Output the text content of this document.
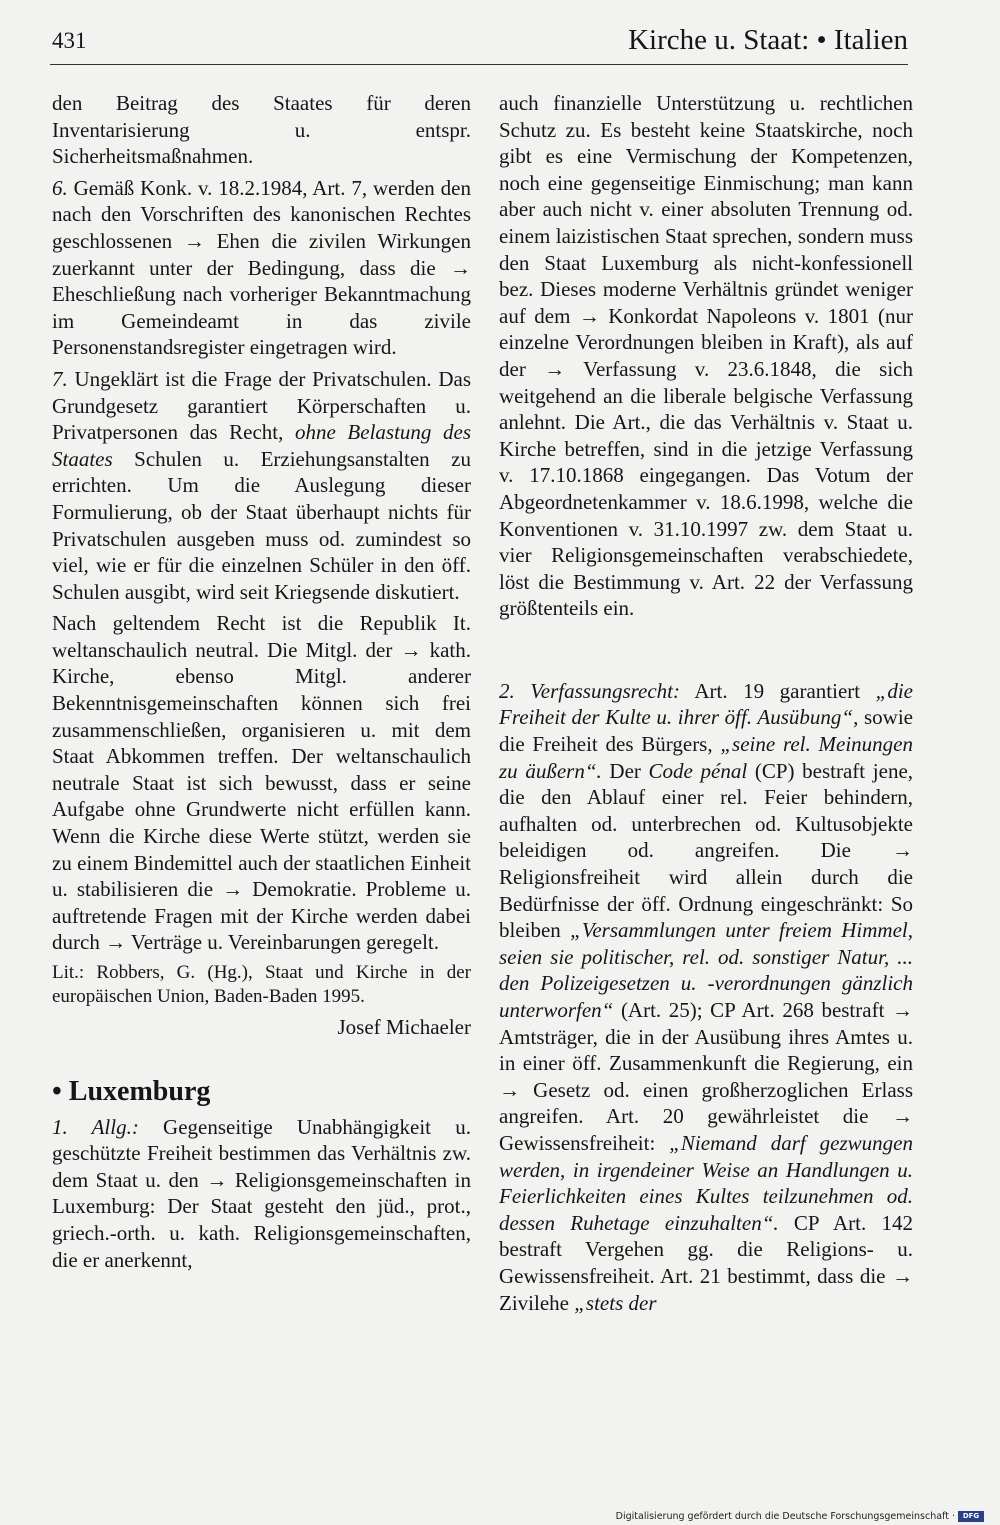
431	Kirche u. Staat: • Italien

den Beitrag des Staates für deren Inventarisierung u. entspr. Sicherheitsmaßnahmen.

6. Gemäß Konk. v. 18.2.1984, Art. 7, werden den nach den Vorschriften des kanonischen Rechtes geschlossenen → Ehen die zivilen Wirkungen zuerkannt unter der Bedingung, dass die → Eheschließung nach vorheriger Bekanntmachung im Gemeindeamt in das zivile Personenstandsregister eingetragen wird.

7. Ungeklärt ist die Frage der Privatschulen. Das Grundgesetz garantiert Körperschaften u. Privatpersonen das Recht, ohne Belastung des Staates Schulen u. Erziehungsanstalten zu errichten. Um die Auslegung dieser Formulierung, ob der Staat überhaupt nichts für Privatschulen ausgeben muss od. zumindest so viel, wie er für die einzelnen Schüler in den öff. Schulen ausgibt, wird seit Kriegsende diskutiert.

Nach geltendem Recht ist die Republik It. weltanschaulich neutral. Die Mitgl. der → kath. Kirche, ebenso Mitgl. anderer Bekenntnisgemeinschaften können sich frei zusammenschließen, organisieren u. mit dem Staat Abkommen treffen. Der weltanschaulich neutrale Staat ist sich bewusst, dass er seine Aufgabe ohne Grundwerte nicht erfüllen kann. Wenn die Kirche diese Werte stützt, werden sie zu einem Bindemittel auch der staatlichen Einheit u. stabilisieren die → Demokratie. Probleme u. auftretende Fragen mit der Kirche werden dabei durch → Verträge u. Vereinbarungen geregelt.

Lit.: Robbers, G. (Hg.), Staat und Kirche in der europäischen Union, Baden-Baden 1995.

Josef Michaeler

• Luxemburg

1. Allg.: Gegenseitige Unabhängigkeit u. geschützte Freiheit bestimmen das Verhältnis zw. dem Staat u. den → Religionsgemeinschaften in Luxemburg: Der Staat gesteht den jüd., prot., griech.-orth. u. kath. Religionsgemeinschaften, die er anerkennt,

auch finanzielle Unterstützung u. rechtlichen Schutz zu. Es besteht keine Staatskirche, noch gibt es eine Vermischung der Kompetenzen, noch eine gegenseitige Einmischung; man kann aber auch nicht v. einer absoluten Trennung od. einem laizistischen Staat sprechen, sondern muss den Staat Luxemburg als nicht-konfessionell bez. Dieses moderne Verhältnis gründet weniger auf dem → Konkordat Napoleons v. 1801 (nur einzelne Verordnungen bleiben in Kraft), als auf der → Verfassung v. 23.6.1848, die sich weitgehend an die liberale belgische Verfassung anlehnt. Die Art., die das Verhältnis v. Staat u. Kirche betreffen, sind in die jetzige Verfassung v. 17.10.1868 eingegangen. Das Votum der Abgeordnetenkammer v. 18.6.1998, welche die Konventionen v. 31.10.1997 zw. dem Staat u. vier Religionsgemeinschaften verabschiedete, löst die Bestimmung v. Art. 22 der Verfassung größtenteils ein.

2. Verfassungsrecht: Art. 19 garantiert „die Freiheit der Kulte u. ihrer öff. Ausübung“, sowie die Freiheit des Bürgers, „seine rel. Meinungen zu äußern“. Der Code pénal (CP) bestraft jene, die den Ablauf einer rel. Feier behindern, aufhalten od. unterbrechen od. Kultusobjekte beleidigen od. angreifen. Die → Religionsfreiheit wird allein durch die Bedürfnisse der öff. Ordnung eingeschränkt: So bleiben „Versammlungen unter freiem Himmel, seien sie politischer, rel. od. sonstiger Natur, ... den Polizeigesetzen u. -verordnungen gänzlich unterworfen“ (Art. 25); CP Art. 268 bestraft → Amtsträger, die in der Ausübung ihres Amtes u. in einer öff. Zusammenkunft die Regierung, ein → Gesetz od. einen großherzoglichen Erlass angreifen. Art. 20 gewährleistet die → Gewissensfreiheit: „Niemand darf gezwungen werden, in irgendeiner Weise an Handlungen u. Feierlichkeiten eines Kultes teilzunehmen od. dessen Ruhetage einzuhalten“. CP Art. 142 bestraft Vergehen gg. die Religions- u. Gewissensfreiheit. Art. 21 bestimmt, dass die → Zivilehe „stets der

Digitalisierung gefördert durch die Deutsche Forschungsgemeinschaft ·	DFG
